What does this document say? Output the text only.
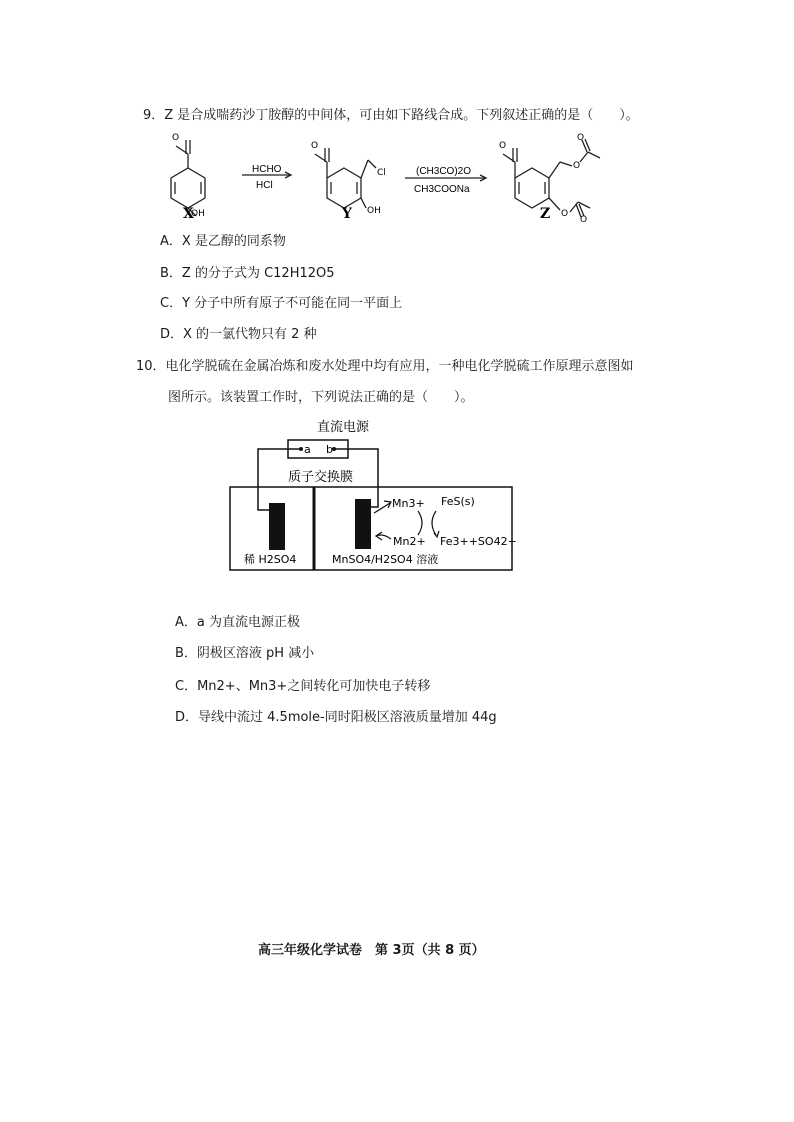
9．Z 是合成喘药沙丁胺醇的中间体，可由如下路线合成。下列叙述正确的是（　　）。
OH	OH
Cl
O
O
O
O
O
O	O
HCHO
HCl
(CH3CO)2O
CH3COONa
X	Y	Z
A．X 是乙醇的同系物
B．Z 的分子式为 C12H12O5
C．Y 分子中所有原子不可能在同一平面上
D．X 的一氯代物只有 2 种
10．电化学脱硫在金属冶炼和废水处理中均有应用，一种电化学脱硫工作原理示意图如
图所示。该装置工作时，下列说法正确的是（　　）。
直流电源
a b
质子交换膜
稀 H2SO4	MnSO4/H2SO4 溶液
Mn3+
Mn2+
FeS(s)
Fe3++SO42−
A．a 为直流电源正极
B．阴极区溶液 pH 减小
C．Mn2+、Mn3+之间转化可加快电子转移
D．导线中流过 4.5mole-同时阳极区溶液质量增加 44g
高三年级化学试卷　第 3页（共 8 页）
